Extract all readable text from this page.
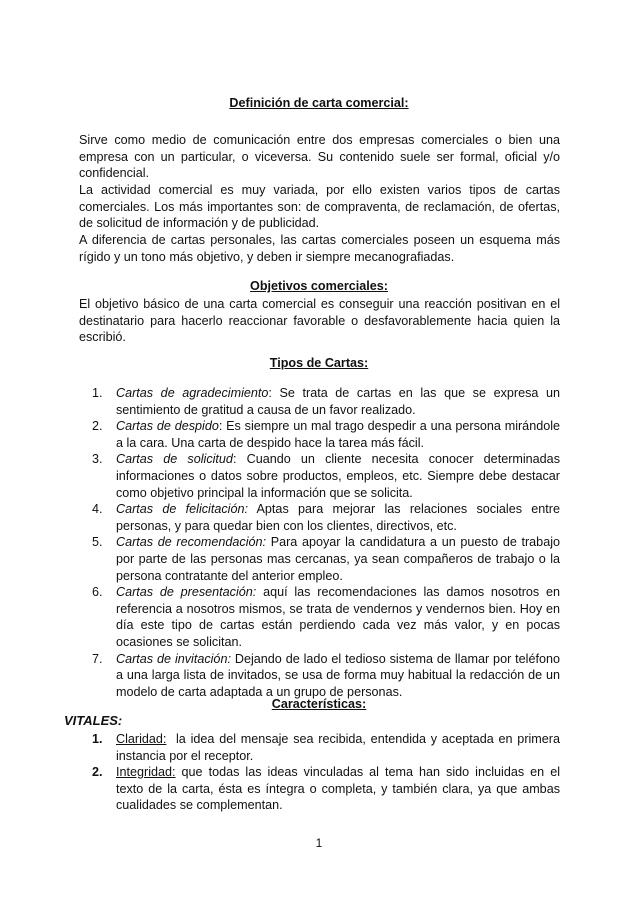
Definición de carta comercial:

Sirve como medio de comunicación entre dos empresas comerciales o bien una empresa con un particular, o viceversa. Su contenido suele ser formal, oficial y/o confidencial.

La actividad comercial es muy variada, por ello existen varios tipos de cartas comerciales. Los más importantes son: de compraventa, de reclamación, de ofertas, de solicitud de información y de publicidad.

A diferencia de cartas personales, las cartas comerciales poseen un esquema más rígido y un tono más objetivo, y deben ir siempre mecanografiadas.

Objetivos comerciales:

El objetivo básico de una carta comercial es conseguir una reacción positivan en el destinatario para hacerlo reaccionar favorable o desfavorablemente hacia quien la escribió.

Tipos de Cartas:
1. Cartas de agradecimiento: Se trata de cartas en las que se expresa un sentimiento de gratitud a causa de un favor realizado.
2. Cartas de despido: Es siempre un mal trago despedir a una persona mirándole a la cara. Una carta de despido hace la tarea más fácil.
3. Cartas de solicitud: Cuando un cliente necesita conocer determinadas informaciones o datos sobre productos, empleos, etc. Siempre debe destacar como objetivo principal la información que se solicita.
4. Cartas de felicitación: Aptas para mejorar las relaciones sociales entre personas, y para quedar bien con los clientes, directivos, etc.
5. Cartas de recomendación: Para apoyar la candidatura a un puesto de trabajo por parte de las personas mas cercanas, ya sean compañeros de trabajo o la persona contratante del anterior empleo.
6. Cartas de presentación: aquí las recomendaciones las damos nosotros en referencia a nosotros mismos, se trata de vendernos y vendernos bien. Hoy en día este tipo de cartas están perdiendo cada vez más valor, y en pocas ocasiones se solicitan.
7. Cartas de invitación: Dejando de lado el tedioso sistema de llamar por teléfono a una larga lista de invitados, se usa de forma muy habitual la redacción de un modelo de carta adaptada a un grupo de personas.
Características:
VITALES:
1. Claridad: la idea del mensaje sea recibida, entendida y aceptada en primera instancia por el receptor.
2. Integridad: que todas las ideas vinculadas al tema han sido incluidas en el texto de la carta, ésta es íntegra o completa, y también clara, ya que ambas cualidades se complementan.
1
